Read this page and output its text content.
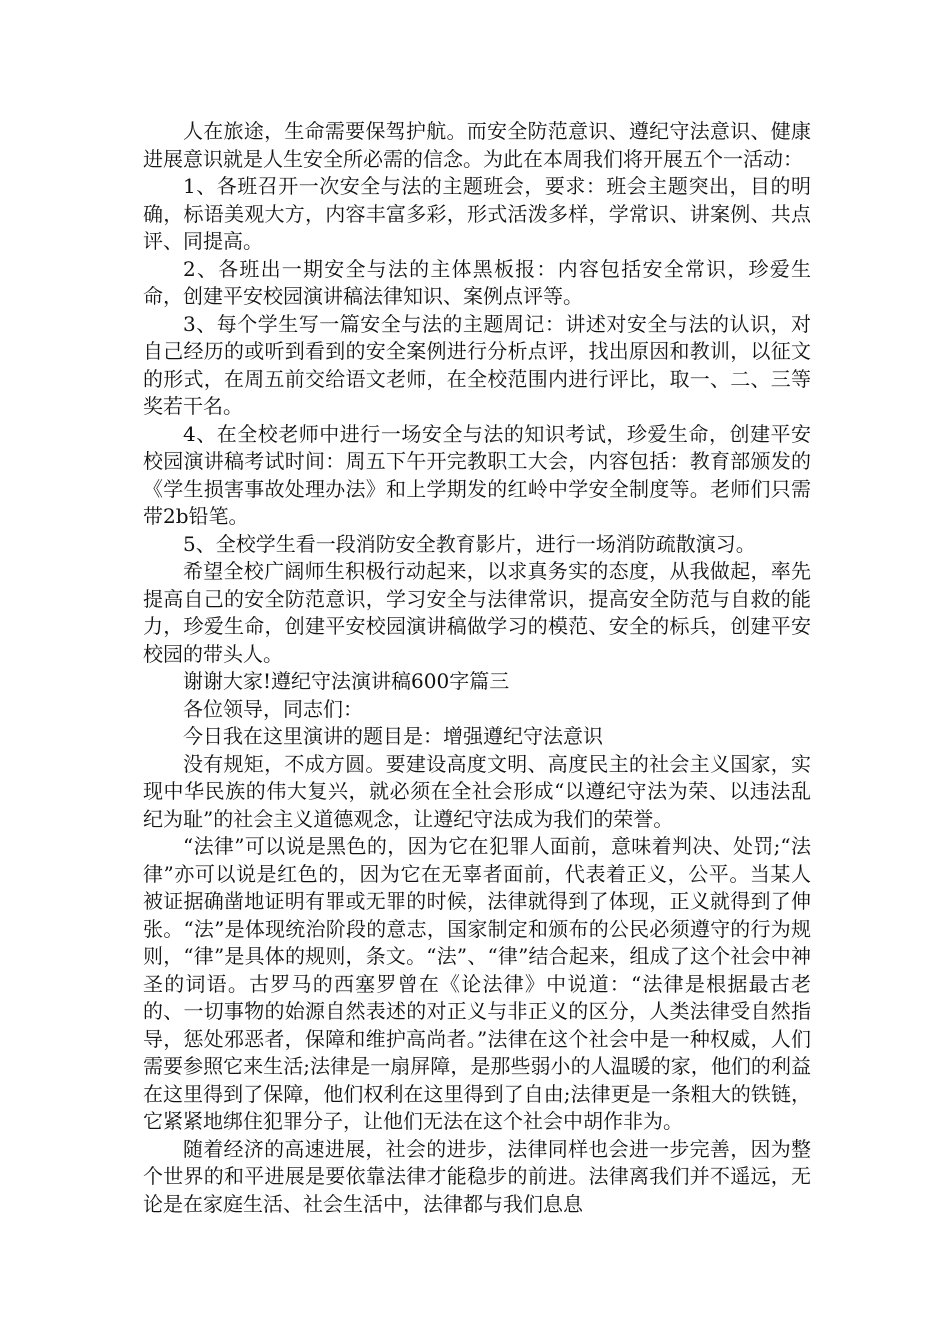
人在旅途，生命需要保驾护航。而安全防范意识、遵纪守法意识、健康进展意识就是人生安全所必需的信念。为此在本周我们将开展五个一活动：

1、各班召开一次安全与法的主题班会，要求：班会主题突出，目的明确，标语美观大方，内容丰富多彩，形式活泼多样，学常识、讲案例、共点评、同提高。

2、各班出一期安全与法的主体黑板报：内容包括安全常识，珍爱生命，创建平安校园演讲稿法律知识、案例点评等。

3、每个学生写一篇安全与法的主题周记：讲述对安全与法的认识，对自己经历的或听到看到的安全案例进行分析点评，找出原因和教训，以征文的形式，在周五前交给语文老师，在全校范围内进行评比，取一、二、三等奖若干名。

4、在全校老师中进行一场安全与法的知识考试，珍爱生命，创建平安校园演讲稿考试时间：周五下午开完教职工大会，内容包括：教育部颁发的《学生损害事故处理办法》和上学期发的红岭中学安全制度等。老师们只需带2b铅笔。

5、全校学生看一段消防安全教育影片，进行一场消防疏散演习。

希望全校广阔师生积极行动起来，以求真务实的态度，从我做起，率先提高自己的安全防范意识，学习安全与法律常识，提高安全防范与自救的能力，珍爱生命，创建平安校园演讲稿做学习的模范、安全的标兵，创建平安校园的带头人。

谢谢大家!遵纪守法演讲稿600字篇三

各位领导，同志们：

今日我在这里演讲的题目是：增强遵纪守法意识

没有规矩，不成方圆。要建设高度文明、高度民主的社会主义国家，实现中华民族的伟大复兴，就必须在全社会形成“以遵纪守法为荣、以违法乱纪为耻”的社会主义道德观念，让遵纪守法成为我们的荣誉。

“法律”可以说是黑色的，因为它在犯罪人面前，意味着判决、处罚;“法律”亦可以说是红色的，因为它在无辜者面前，代表着正义，公平。当某人被证据确凿地证明有罪或无罪的时候，法律就得到了体现，正义就得到了伸张。“法”是体现统治阶段的意志，国家制定和颁布的公民必须遵守的行为规则，“律”是具体的规则，条文。“法”、“律”结合起来，组成了这个社会中神圣的词语。古罗马的西塞罗曾在《论法律》中说道：“法律是根据最古老的、一切事物的始源自然表述的对正义与非正义的区分，人类法律受自然指导，惩处邪恶者，保障和维护高尚者。”法律在这个社会中是一种权威，人们需要参照它来生活;法律是一扇屏障，是那些弱小的人温暖的家，他们的利益在这里得到了保障，他们权利在这里得到了自由;法律更是一条粗大的铁链，它紧紧地绑住犯罪分子，让他们无法在这个社会中胡作非为。

随着经济的高速进展，社会的进步，法律同样也会进一步完善，因为整个世界的和平进展是要依靠法律才能稳步的前进。法律离我们并不遥远，无论是在家庭生活、社会生活中，法律都与我们息息
